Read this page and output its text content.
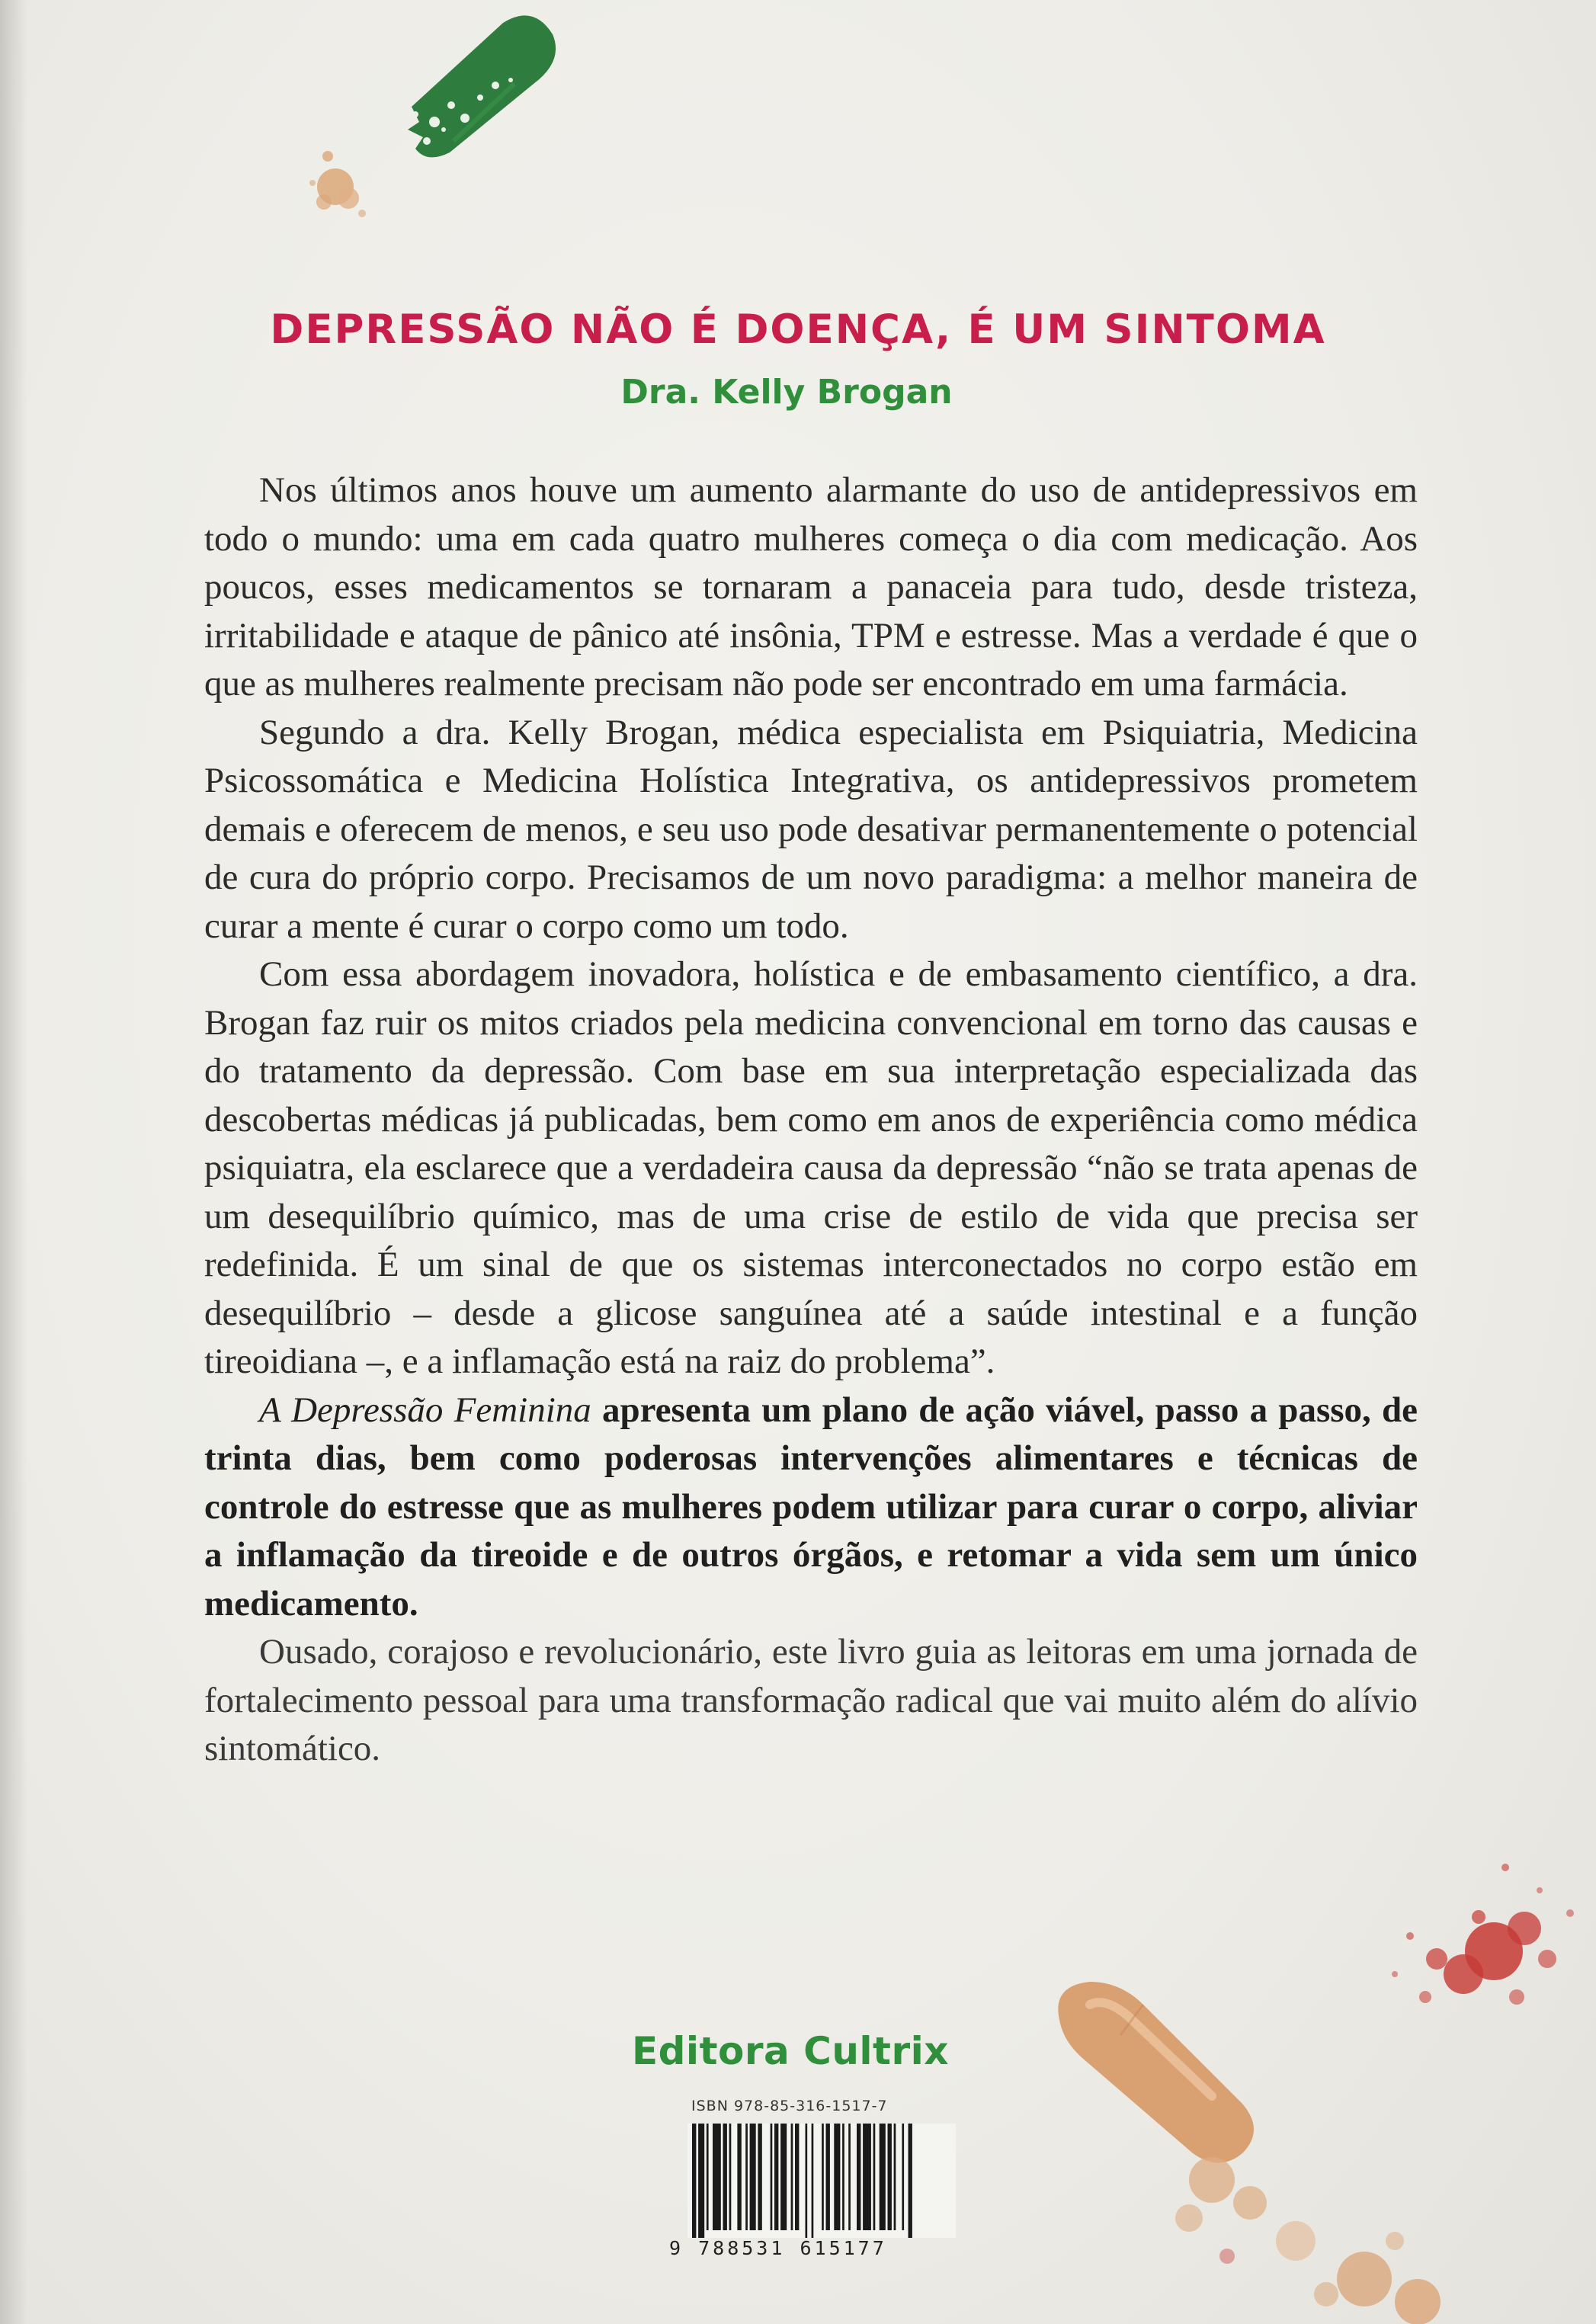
DEPRESSÃO NÃO É DOENÇA, É UM SINTOMA
Dra. Kelly Brogan

Nos últimos anos houve um aumento alarmante do uso de antidepressivos em todo o mundo: uma em cada quatro mulheres começa o dia com medicação. Aos poucos, esses medicamentos se tornaram a panaceia para tudo, desde tristeza, irritabilidade e ataque de pânico até insônia, TPM e estresse. Mas a verdade é que o que as mulheres realmente precisam não pode ser encontrado em uma farmácia.

Segundo a dra. Kelly Brogan, médica especialista em Psiquiatria, Medicina Psicossomática e Medicina Holística Integrativa, os antidepressivos prometem demais e oferecem de menos, e seu uso pode desativar permanentemente o potencial de cura do próprio corpo. Precisamos de um novo paradigma: a melhor maneira de curar a mente é curar o corpo como um todo.

Com essa abordagem inovadora, holística e de embasamento científico, a dra. Brogan faz ruir os mitos criados pela medicina convencional em torno das causas e do tratamento da depressão. Com base em sua interpretação especializada das descobertas médicas já publicadas, bem como em anos de experiência como médica psiquiatra, ela esclarece que a verdadeira causa da depressão “não se trata apenas de um desequilíbrio químico, mas de uma crise de estilo de vida que precisa ser redefinida. É um sinal de que os sistemas interconectados no corpo estão em desequilíbrio – desde a glicose sanguínea até a saúde intestinal e a função tireoidiana –, e a inflamação está na raiz do problema”.

A Depressão Feminina apresenta um plano de ação viável, passo a passo, de trinta dias, bem como poderosas intervenções alimentares e técnicas de controle do estresse que as mulheres podem utilizar para curar o corpo, aliviar a inflamação da tireoide e de outros órgãos, e retomar a vida sem um único medicamento.

Ousado, corajoso e revolucionário, este livro guia as leitoras em uma jornada de fortalecimento pessoal para uma transformação radical que vai muito além do alívio sintomático.

Editora Cultrix
ISBN 978-85-316-1517-7
9 788531 615177
